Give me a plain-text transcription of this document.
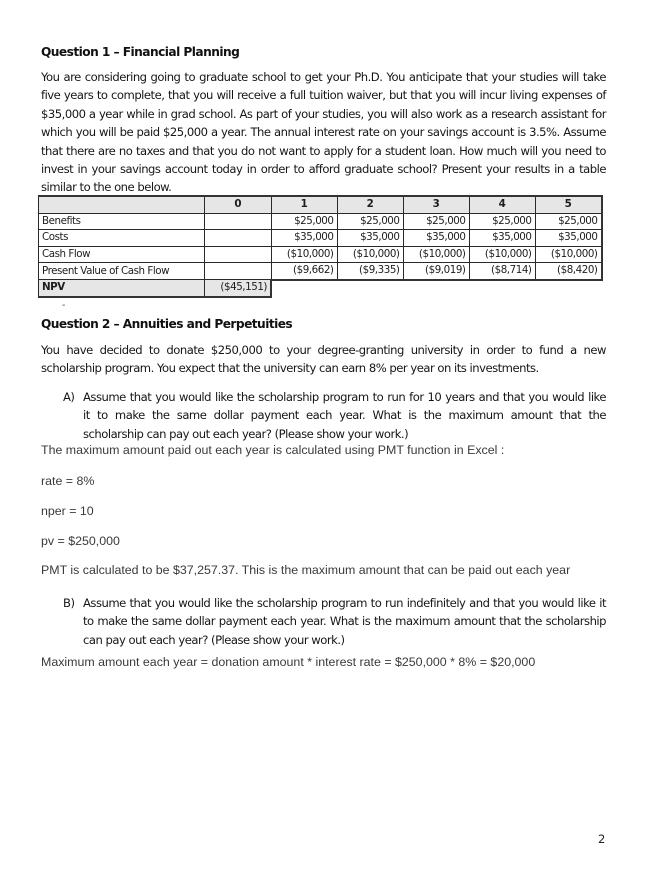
Question 1 – Financial Planning
You are considering going to graduate school to get your Ph.D. You anticipate that your studies will take
five years to complete, that you will receive a full tuition waiver, but that you will incur living expenses of
$35,000 a year while in grad school. As part of your studies, you will also work as a research assistant for
which you will be paid $25,000 a year. The annual interest rate on your savings account is 3.5%. Assume
that there are no taxes and that you do not want to apply for a student loan. How much will you need to
invest in your savings account today in order to afford graduate school? Present your results in a table
similar to the one below.
	0	1	2	3	4	5
Benefits		$25,000	$25,000	$25,000	$25,000	$25,000
Costs		$35,000	$35,000	$35,000	$35,000	$35,000
Cash Flow		($10,000)	($10,000)	($10,000)	($10,000)	($10,000)
Present Value of Cash Flow		($9,662)	($9,335)	($9,019)	($8,714)	($8,420)
NPV	($45,151)					
-
Question 2 – Annuities and Perpetuities
You have decided to donate $250,000 to your degree-granting university in order to fund a new
scholarship program. You expect that the university can earn 8% per year on its investments.
A) Assume that you would like the scholarship program to run for 10 years and that you would like
it to make the same dollar payment each year. What is the maximum amount that the
scholarship can pay out each year? (Please show your work.)
The maximum amount paid out each year is calculated using PMT function in Excel :
rate = 8%
nper = 10
pv = $250,000
PMT is calculated to be $37,257.37. This is the maximum amount that can be paid out each year
B) Assume that you would like the scholarship program to run indefinitely and that you would like it
to make the same dollar payment each year. What is the maximum amount that the scholarship
can pay out each year? (Please show your work.)
Maximum amount each year = donation amount * interest rate = $250,000 * 8% = $20,000
2
